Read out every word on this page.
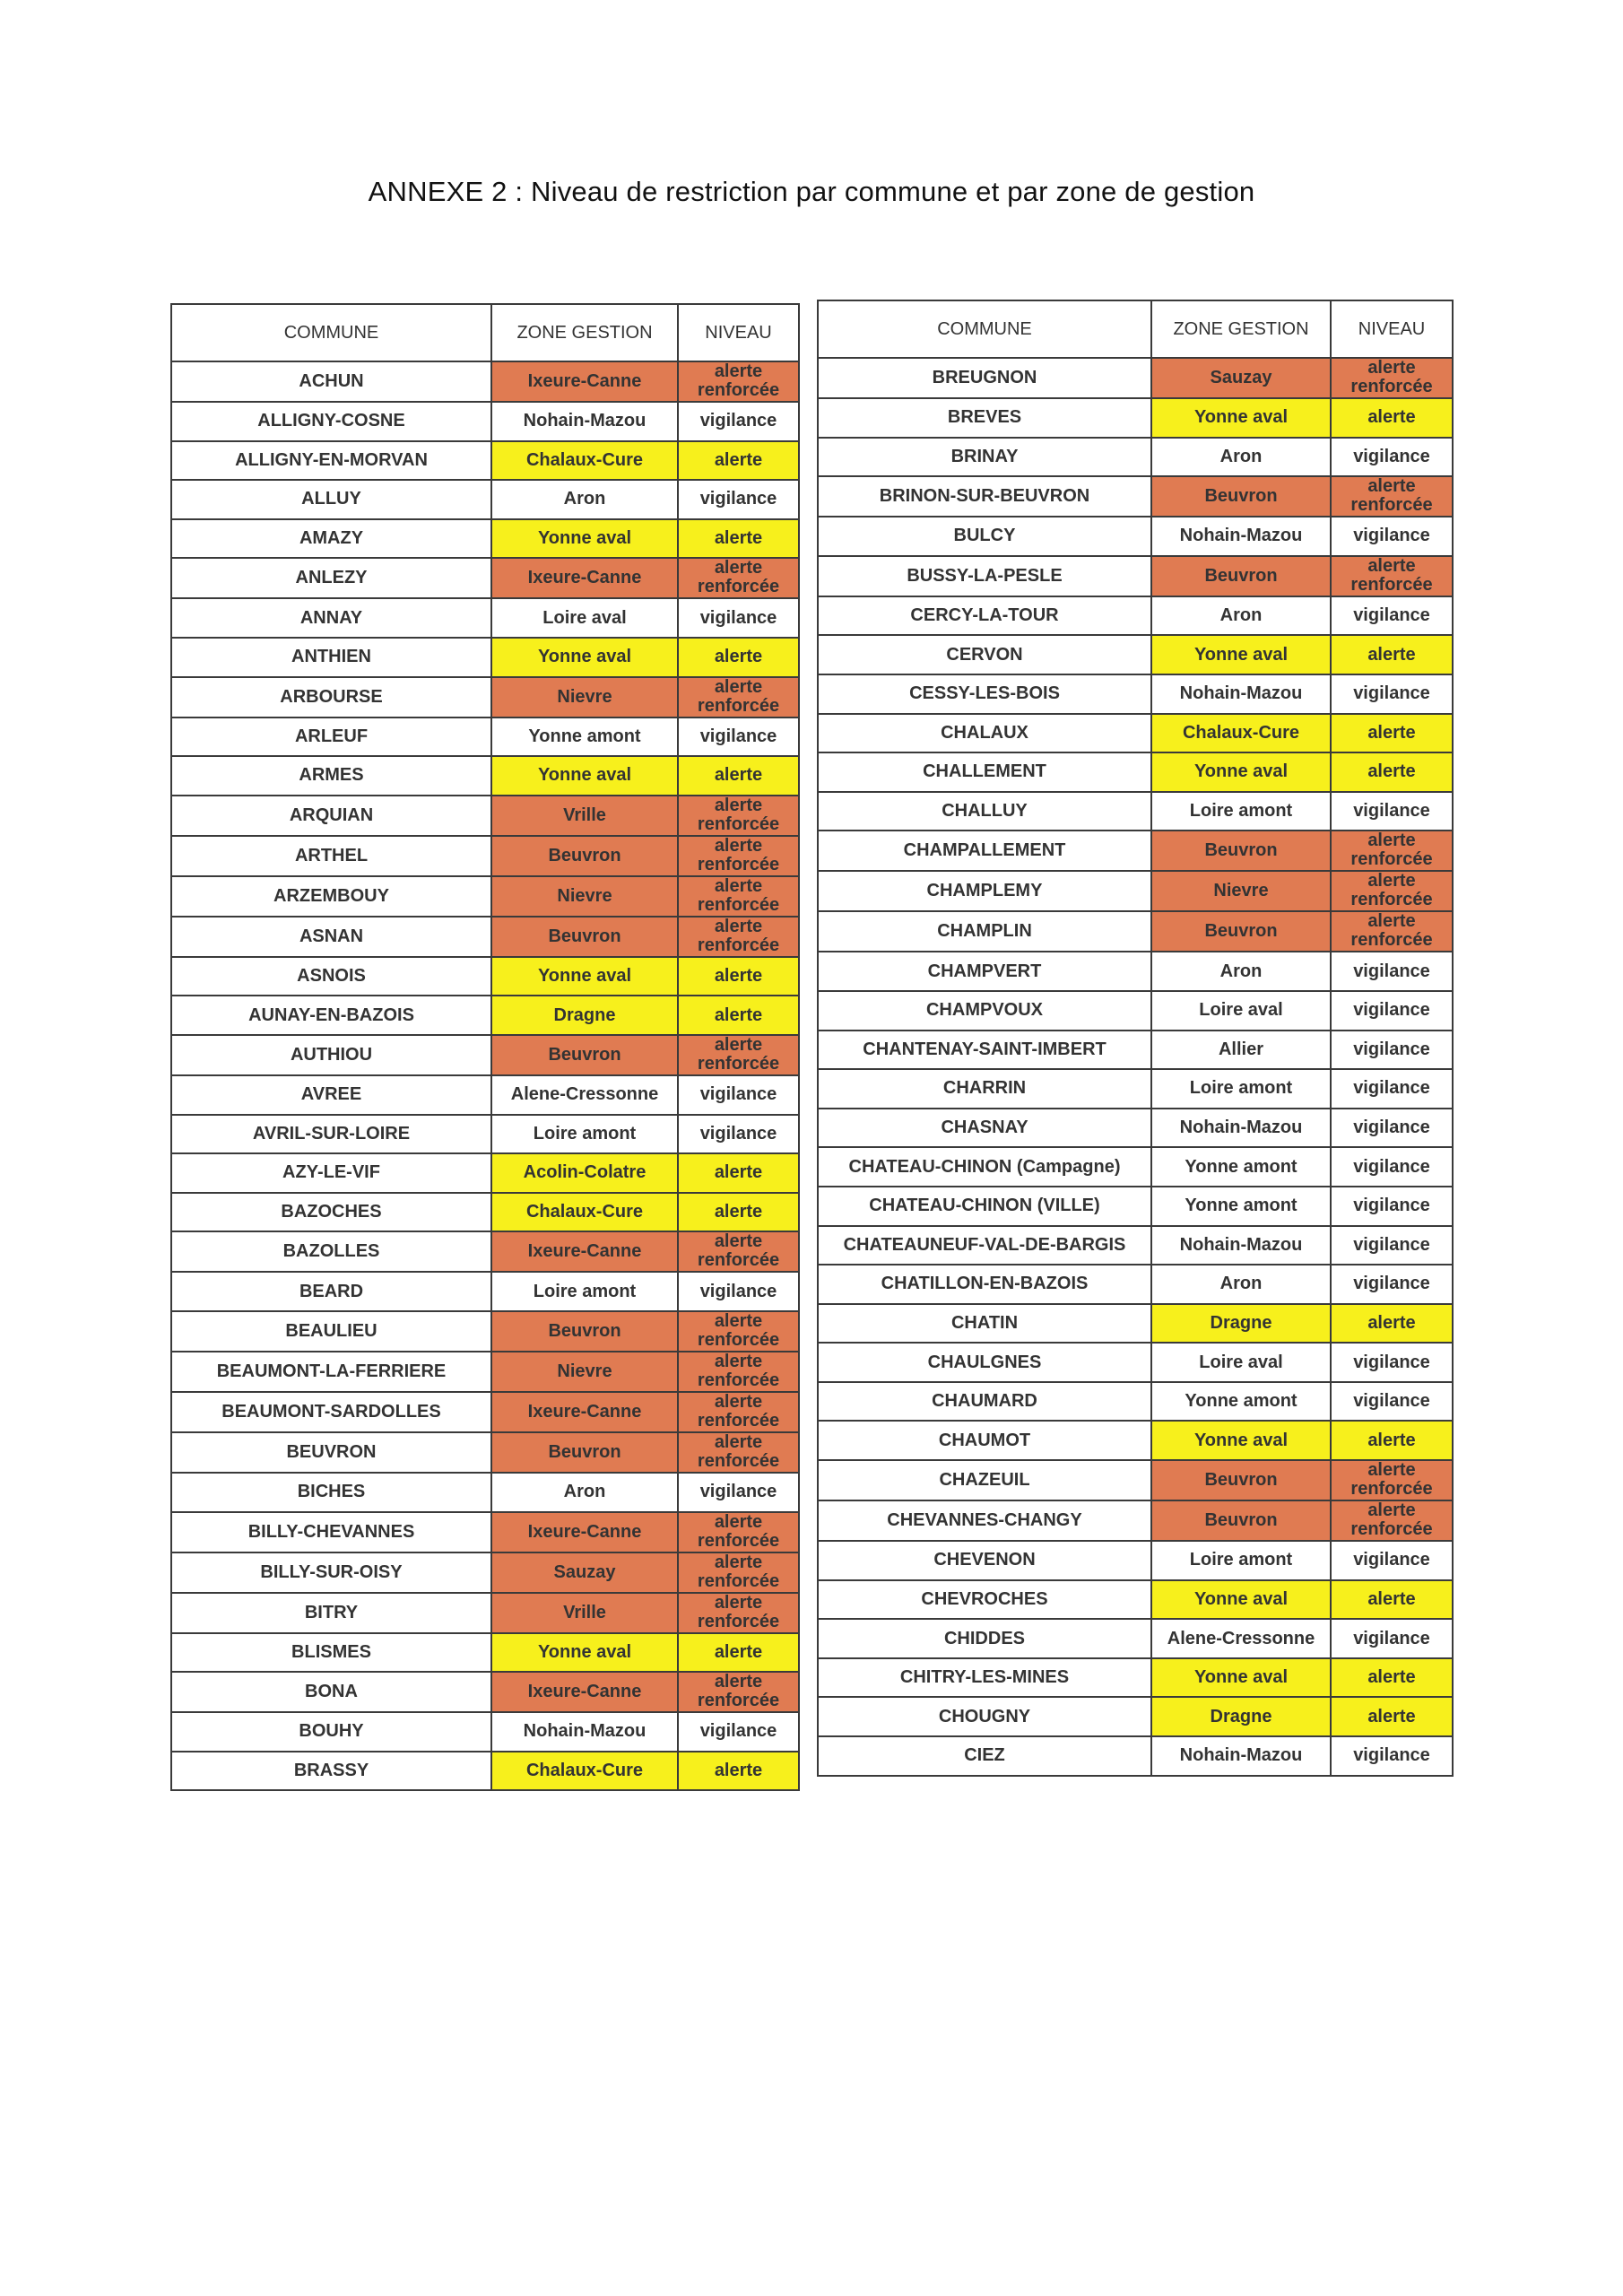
ANNEXE 2 : Niveau de restriction par commune et par zone de gestion
COMMUNE	ZONE GESTION	NIVEAU
ACHUN	Ixeure-Canne	alerte renforcée
ALLIGNY-COSNE	Nohain-Mazou	vigilance
ALLIGNY-EN-MORVAN	Chalaux-Cure	alerte
ALLUY	Aron	vigilance
AMAZY	Yonne aval	alerte
ANLEZY	Ixeure-Canne	alerte renforcée
ANNAY	Loire aval	vigilance
ANTHIEN	Yonne aval	alerte
ARBOURSE	Nievre	alerte renforcée
ARLEUF	Yonne amont	vigilance
ARMES	Yonne aval	alerte
ARQUIAN	Vrille	alerte renforcée
ARTHEL	Beuvron	alerte renforcée
ARZEMBOUY	Nievre	alerte renforcée
ASNAN	Beuvron	alerte renforcée
ASNOIS	Yonne aval	alerte
AUNAY-EN-BAZOIS	Dragne	alerte
AUTHIOU	Beuvron	alerte renforcée
AVREE	Alene-Cressonne	vigilance
AVRIL-SUR-LOIRE	Loire amont	vigilance
AZY-LE-VIF	Acolin-Colatre	alerte
BAZOCHES	Chalaux-Cure	alerte
BAZOLLES	Ixeure-Canne	alerte renforcée
BEARD	Loire amont	vigilance
BEAULIEU	Beuvron	alerte renforcée
BEAUMONT-LA-FERRIERE	Nievre	alerte renforcée
BEAUMONT-SARDOLLES	Ixeure-Canne	alerte renforcée
BEUVRON	Beuvron	alerte renforcée
BICHES	Aron	vigilance
BILLY-CHEVANNES	Ixeure-Canne	alerte renforcée
BILLY-SUR-OISY	Sauzay	alerte renforcée
BITRY	Vrille	alerte renforcée
BLISMES	Yonne aval	alerte
BONA	Ixeure-Canne	alerte renforcée
BOUHY	Nohain-Mazou	vigilance
BRASSY	Chalaux-Cure	alerte
COMMUNE	ZONE GESTION	NIVEAU
BREUGNON	Sauzay	alerte renforcée
BREVES	Yonne aval	alerte
BRINAY	Aron	vigilance
BRINON-SUR-BEUVRON	Beuvron	alerte renforcée
BULCY	Nohain-Mazou	vigilance
BUSSY-LA-PESLE	Beuvron	alerte renforcée
CERCY-LA-TOUR	Aron	vigilance
CERVON	Yonne aval	alerte
CESSY-LES-BOIS	Nohain-Mazou	vigilance
CHALAUX	Chalaux-Cure	alerte
CHALLEMENT	Yonne aval	alerte
CHALLUY	Loire amont	vigilance
CHAMPALLEMENT	Beuvron	alerte renforcée
CHAMPLEMY	Nievre	alerte renforcée
CHAMPLIN	Beuvron	alerte renforcée
CHAMPVERT	Aron	vigilance
CHAMPVOUX	Loire aval	vigilance
CHANTENAY-SAINT-IMBERT	Allier	vigilance
CHARRIN	Loire amont	vigilance
CHASNAY	Nohain-Mazou	vigilance
CHATEAU-CHINON (Campagne)	Yonne amont	vigilance
CHATEAU-CHINON (VILLE)	Yonne amont	vigilance
CHATEAUNEUF-VAL-DE-BARGIS	Nohain-Mazou	vigilance
CHATILLON-EN-BAZOIS	Aron	vigilance
CHATIN	Dragne	alerte
CHAULGNES	Loire aval	vigilance
CHAUMARD	Yonne amont	vigilance
CHAUMOT	Yonne aval	alerte
CHAZEUIL	Beuvron	alerte renforcée
CHEVANNES-CHANGY	Beuvron	alerte renforcée
CHEVENON	Loire amont	vigilance
CHEVROCHES	Yonne aval	alerte
CHIDDES	Alene-Cressonne	vigilance
CHITRY-LES-MINES	Yonne aval	alerte
CHOUGNY	Dragne	alerte
CIEZ	Nohain-Mazou	vigilance
